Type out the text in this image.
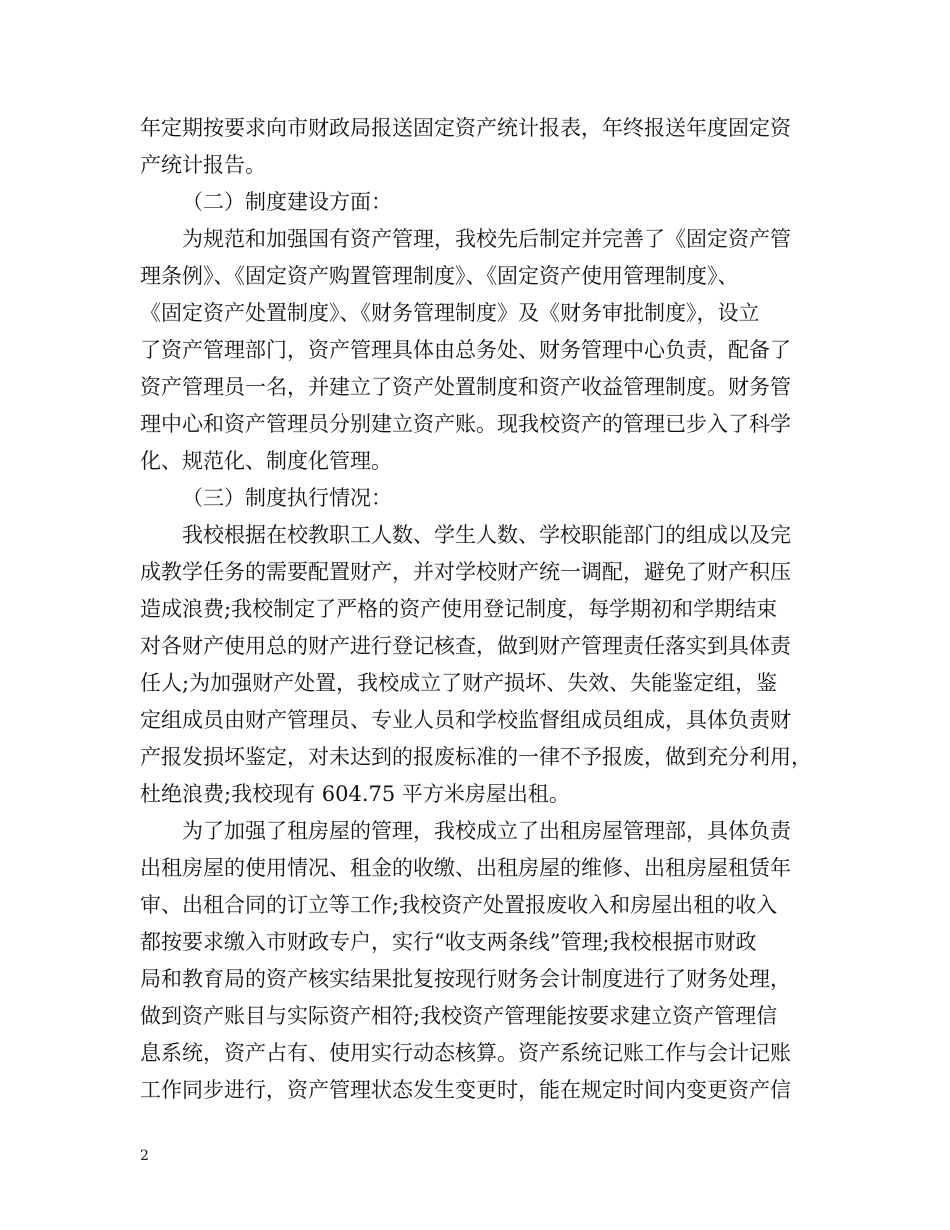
年定期按要求向市财政局报送固定资产统计报表，年终报送年度固定资

产统计报告。

（二）制度建设方面：

为规范和加强国有资产管理，我校先后制定并完善了《固定资产管

理条例》、《固定资产购置管理制度》、《固定资产使用管理制度》、

《固定资产处置制度》、《财务管理制度》及《财务审批制度》，设立

了资产管理部门，资产管理具体由总务处、财务管理中心负责，配备了

资产管理员一名，并建立了资产处置制度和资产收益管理制度。财务管

理中心和资产管理员分别建立资产账。现我校资产的管理已步入了科学

化、规范化、制度化管理。

（三）制度执行情况：

我校根据在校教职工人数、学生人数、学校职能部门的组成以及完

成教学任务的需要配置财产，并对学校财产统一调配，避免了财产积压

造成浪费;我校制定了严格的资产使用登记制度，每学期初和学期结束

对各财产使用总的财产进行登记核查，做到财产管理责任落实到具体责

任人;为加强财产处置，我校成立了财产损坏、失效、失能鉴定组，鉴

定组成员由财产管理员、专业人员和学校监督组成员组成，具体负责财

产报发损坏鉴定，对未达到的报废标准的一律不予报废，做到充分利用，

杜绝浪费;我校现有 604.75 平方米房屋出租。

为了加强了租房屋的管理，我校成立了出租房屋管理部，具体负责

出租房屋的使用情况、租金的收缴、出租房屋的维修、出租房屋租赁年

审、出租合同的订立等工作;我校资产处置报废收入和房屋出租的收入

都按要求缴入市财政专户，实行“收支两条线”管理;我校根据市财政

局和教育局的资产核实结果批复按现行财务会计制度进行了财务处理，

做到资产账目与实际资产相符;我校资产管理能按要求建立资产管理信

息系统，资产占有、使用实行动态核算。资产系统记账工作与会计记账

工作同步进行，资产管理状态发生变更时，能在规定时间内变更资产信

2
